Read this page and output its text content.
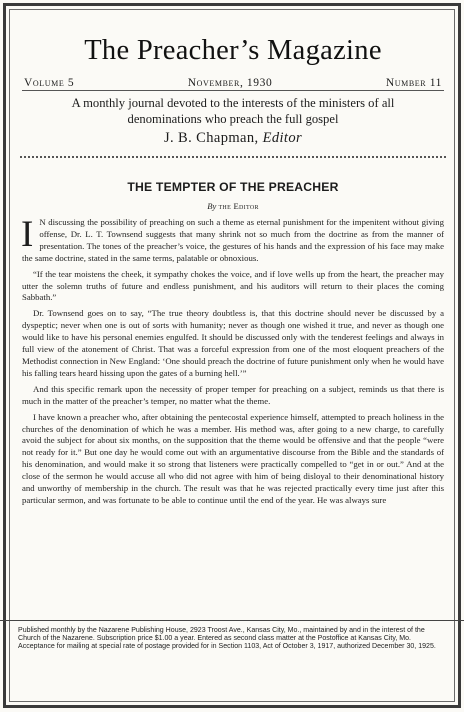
The Preacher’s Magazine
Volume 5	November, 1930	Number 11
A monthly journal devoted to the interests of the ministers of all denominations who preach the full gospel
J. B. Chapman, Editor
THE TEMPTER OF THE PREACHER
By the Editor

I N discussing the possibility of preaching on such a theme as eternal punishment for the impenitent without giving offense, Dr. L. T. Townsend suggests that many shrink not so much from the doctrine as from the manner of presentation. The tones of the preacher’s voice, the gestures of his hands and the expression of his face may make the same doctrine, stated in the same terms, palatable or obnoxious.

“If the tear moistens the cheek, it sympathy chokes the voice, and if love wells up from the heart, the preacher may utter the solemn truths of future and endless punishment, and his auditors will return to their places the coming Sabbath.”

Dr. Townsend goes on to say, “The true theory doubtless is, that this doctrine should never be discussed by a dyspeptic; never when one is out of sorts with humanity; never as though one wished it true, and never as though one would like to have his personal enemies engulfed. It should be discussed only with the tenderest feelings and always in full view of the atonement of Christ. That was a forceful expression from one of the most eloquent preachers of the Methodist connection in New England: ‘One should preach the doctrine of future punishment only when he would have his falling tears heard hissing upon the gates of a burning hell.’”

And this specific remark upon the necessity of proper temper for preaching on a subject, reminds us that there is much in the matter of the preacher’s temper, no matter what the theme.

I have known a preacher who, after obtaining the pentecostal experience himself, attempted to preach holiness in the churches of the denomination of which he was a member. His method was, after going to a new charge, to carefully avoid the subject for about six months, on the supposition that the theme would be offensive and that the people “were not ready for it.” But one day he would come out with an argumentative discourse from the Bible and the standards of his denomination, and would make it so strong that listeners were practically compelled to “get in or out.” And at the close of the sermon he would accuse all who did not agree with him of being disloyal to their denominational history and unworthy of membership in the church. The result was that he was rejected practically every time just after this particular sermon, and was fortunate to be able to continue until the end of the year. He was always sure

Published monthly by the Nazarene Publishing House, 2923 Troost Ave., Kansas City, Mo., maintained by and in the interest of the Church of the Nazarene. Subscription price $1.00 a year. Entered as second class matter at the Postoffice at Kansas City, Mo. Acceptance for mailing at special rate of postage provided for in Section 1103, Act of October 3, 1917, authorized December 30, 1925.
